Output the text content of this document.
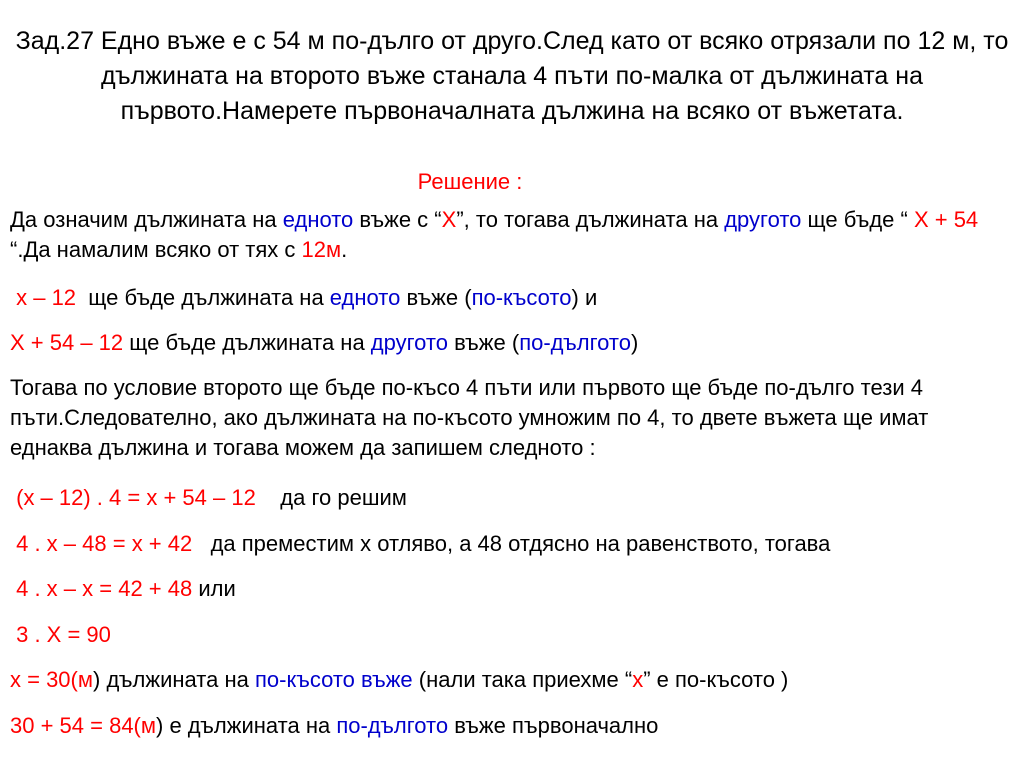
Зад.27 Едно въже е с 54 м по-дълго от друго.След като от всяко отрязали по 12 м, то дължината на второто въже станала 4 пъти по-малка от дължината на първото.Намерете първоначалната дължина на всяко от въжетата.
Решение :
Да означим дължината на едното въже с “X”, то тогава дължината на другото ще бъде “ X + 54 “.Да намалим всяко от тях с 12м.
x – 12  ще бъде дължината на едното въже (по-късото) и
X + 54 – 12 ще бъде дължината на другото въже (по-дългото)
Тогава по условие второто ще бъде по-късо 4 пъти или първото ще бъде по-дълго тези 4 пъти.Следователно, ако дължината на по-късото умножим по 4, то двете въжета ще имат еднаква дължина и тогава можем да запишем следното :
(x – 12) . 4 = x + 54 – 12    да го решим
4 . x – 48 = x + 42   да преместим x отляво, а 48 отдясно на равенството, тогава
4 . x – x = 42 + 48 или
3 . X = 90
x = 30(м) дължината на по-късото въже (нали така приехме “x” е по-късото )
30 + 54 = 84(м) е дължината на по-дългото въже първоначално
